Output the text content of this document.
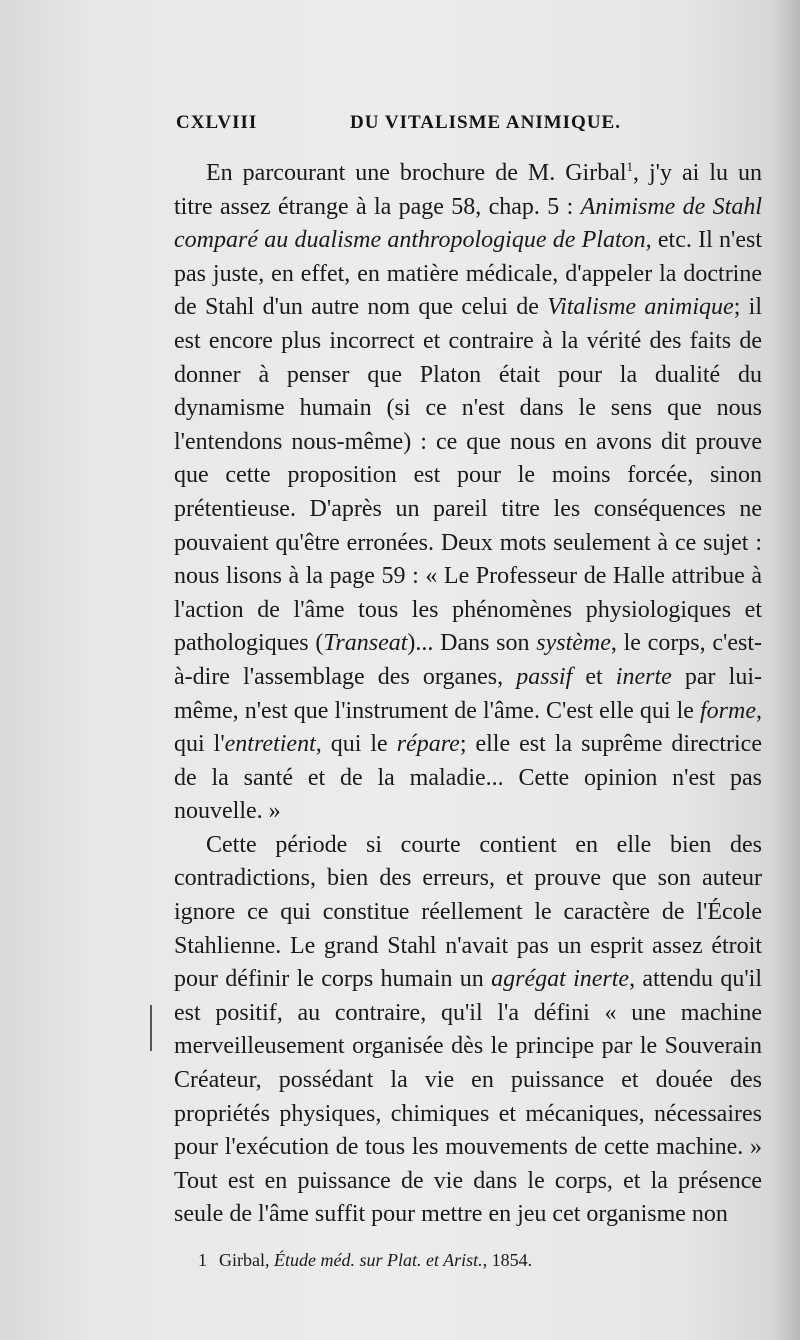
CXLVIII	DU VITALISME ANIMIQUE.

En parcourant une brochure de M. Girbal$^1$, j'y ai lu un titre assez étrange à la page 58, chap. 5 : Animisme de Stahl comparé au dualisme anthropologique de Platon, etc. Il n'est pas juste, en effet, en matière médicale, d'appeler la doctrine de Stahl d'un autre nom que celui de Vitalisme animique; il est encore plus incorrect et contraire à la vérité des faits de donner à penser que Platon était pour la dualité du dynamisme humain (si ce n'est dans le sens que nous l'entendons nous-même) : ce que nous en avons dit prouve que cette proposition est pour le moins forcée, sinon prétentieuse. D'après un pareil titre les conséquences ne pouvaient qu'être erronées. Deux mots seulement à ce sujet : nous lisons à la page 59 : « Le Professeur de Halle attribue à l'action de l'âme tous les phénomènes physiologiques et pathologiques (Transeat)... Dans son système, le corps, c'est-à-dire l'assemblage des organes, passif et inerte par lui-même, n'est que l'instrument de l'âme. C'est elle qui le forme, qui l'entretient, qui le répare; elle est la suprême directrice de la santé et de la maladie... Cette opinion n'est pas nouvelle. »

Cette période si courte contient en elle bien des contradictions, bien des erreurs, et prouve que son auteur ignore ce qui constitue réellement le caractère de l'École Stahlienne. Le grand Stahl n'avait pas un esprit assez étroit pour définir le corps humain un agrégat inerte, attendu qu'il est positif, au contraire, qu'il l'a défini « une machine merveilleusement organisée dès le principe par le Souverain Créateur, possédant la vie en puissance et douée des propriétés physiques, chimiques et mécaniques, nécessaires pour l'exécution de tous les mouvements de cette machine. » Tout est en puissance de vie dans le corps, et la présence seule de l'âme suffit pour mettre en jeu cet organisme non

1 Girbal, Étude méd. sur Plat. et Arist., 1854.
